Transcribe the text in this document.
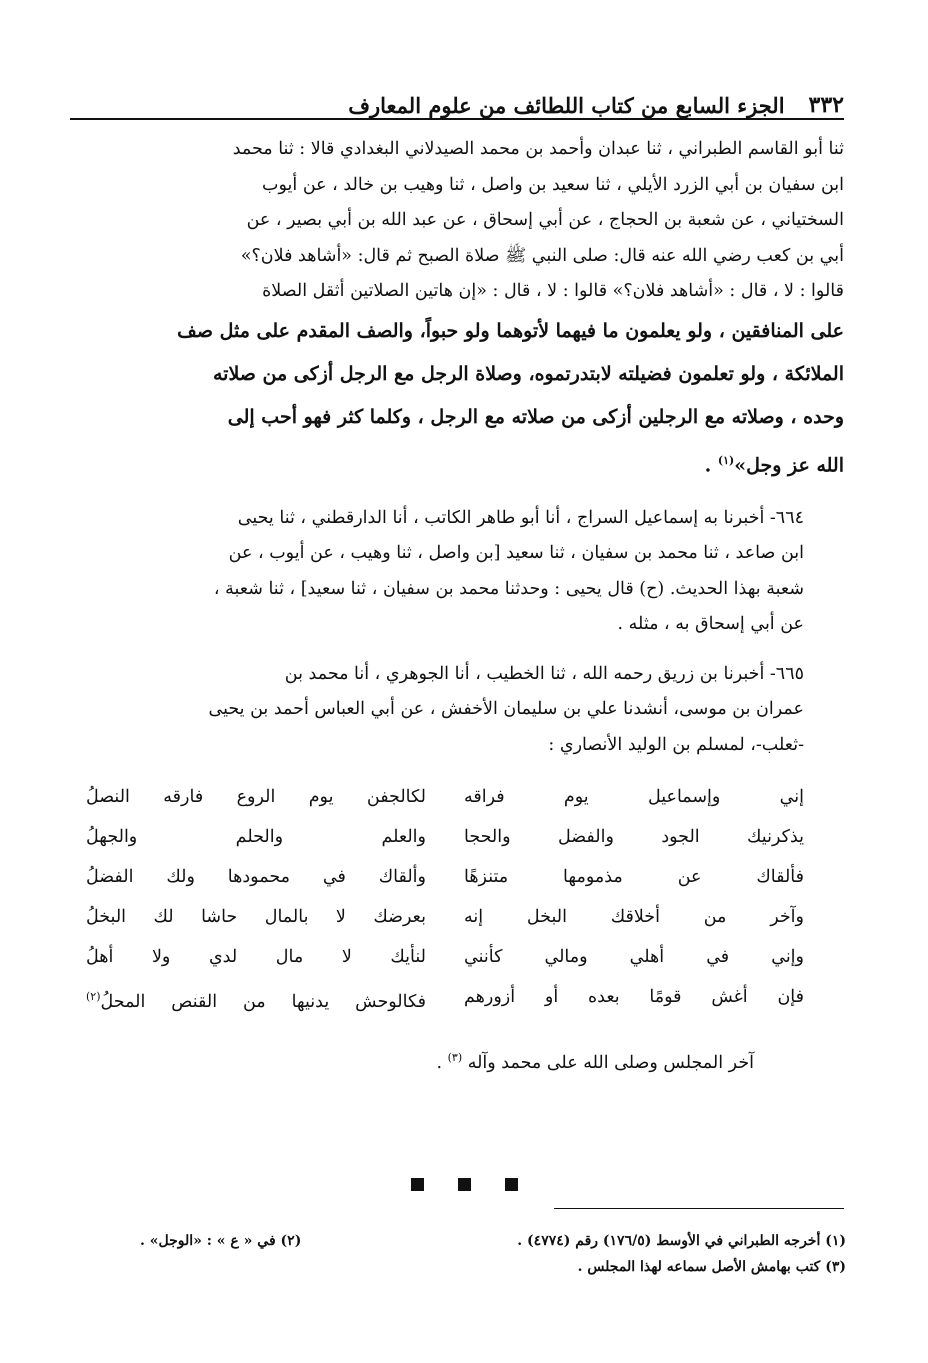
٣٣٢
الجزء السابع من كتاب اللطائف من علوم المعارف

ثنا أبو القاسم الطبراني ، ثنا عبدان وأحمد بن محمد الصيدلاني البغدادي قالا : ثنا محمد

ابن سفيان بن أبي الزرد الأيلي ، ثنا سعيد بن واصل ، ثنا وهيب بن خالد ، عن أيوب

السختياني ، عن شعبة بن الحجاج ، عن أبي إسحاق ، عن عبد الله بن أبي بصير ، عن

أبي بن كعب رضي الله عنه قال: صلى النبي ﷺ صلاة الصبح ثم قال: «أشاهد فلان؟»

قالوا : لا ، قال : «أشاهد فلان؟» قالوا : لا ، قال : «إن هاتين الصلاتين أثقل الصلاة

على المنافقين ، ولو يعلمون ما فيهما لأتوهما ولو حبواً، والصف المقدم على مثل صف

الملائكة ، ولو تعلمون فضيلته لابتدرتموه، وصلاة الرجل مع الرجل أزكى من صلاته

وحده ، وصلاته مع الرجلين أزكى من صلاته مع الرجل ، وكلما كثر فهو أحب إلى

الله عز وجل»$^{(١)}$ .

٦٦٤- أخبرنا به إسماعيل السراج ، أنا أبو طاهر الكاتب ، أنا الدارقطني ، ثنا يحيى

ابن صاعد ، ثنا محمد بن سفيان ، ثنا سعيد [بن واصل ، ثنا وهيب ، عن أيوب ، عن

شعبة بهذا الحديث. (ح) قال يحيى : وحدثنا محمد بن سفيان ، ثنا سعيد] ، ثنا شعبة ،

عن أبي إسحاق به ، مثله .

٦٦٥- أخبرنا بن زريق رحمه الله ، ثنا الخطيب ، أنا الجوهري ، أنا محمد بن

عمران بن موسى، أنشدنا علي بن سليمان الأخفش ، عن أبي العباس أحمد بن يحيى

-ثعلب-، لمسلم بن الوليد الأنصاري :

إني وإسماعيل يوم فراقه
لكالجفن يوم الروع فارقه النصلُ
يذكرنيك الجود والفضل والحجا
والعلم والحلم والجهلُ
فألقاك عن مذمومها متنزهًا
وألقاك في محمودها ولك الفضلُ
وآخر من أخلاقك البخل إنه
بعرضك لا بالمال حاشا لك البخلُ
وإني في أهلي ومالي كأنني
لنأيك لا مال لدي ولا أهلُ
فإن أغش قومًا بعده أو أزورهم
فكالوحش يدنيها من القنص المحلُ$^{(٢)}$
آخر المجلس وصلى الله على محمد وآله $^{(٣)}$ .
(١) أخرجه الطبراني في الأوسط (١٧٦/٥) رقم (٤٧٧٤) .
(٢) في « ع » : «الوجل» .
(٣) كتب بهامش الأصل سماعه لهذا المجلس .
